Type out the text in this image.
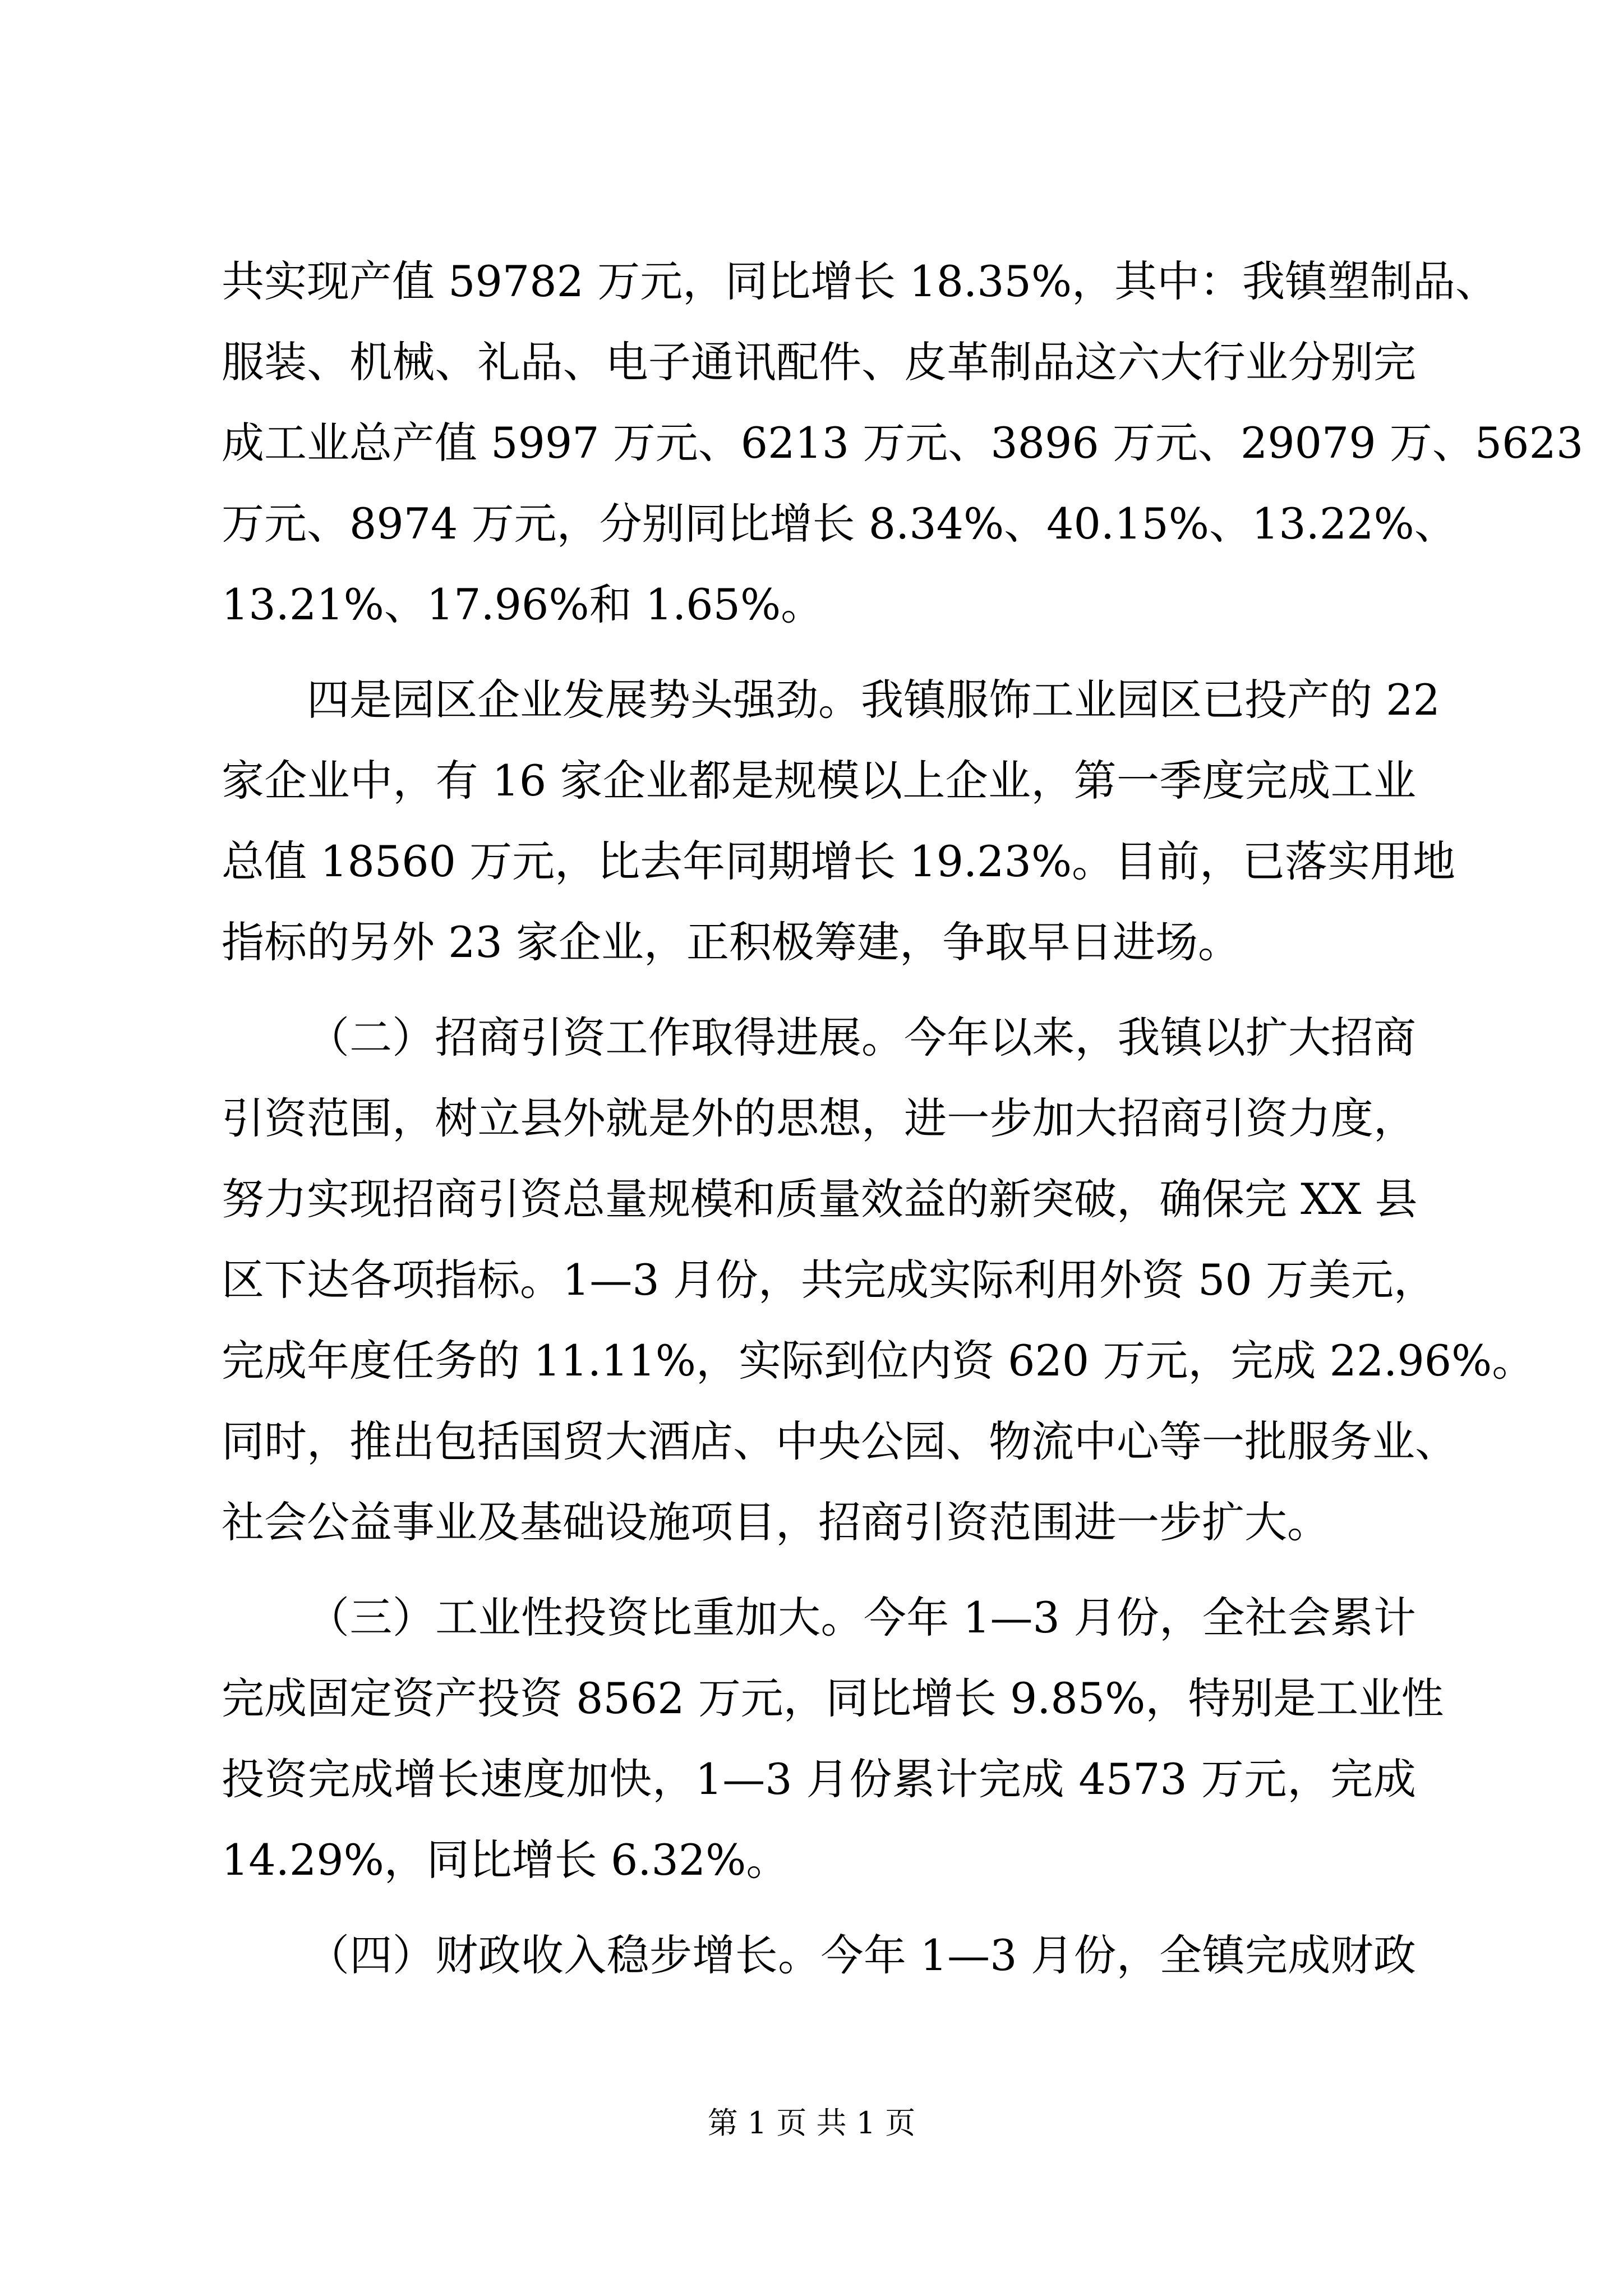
共实现产值 59782 万元，同比增长 18.35%，其中：我镇塑制品、
服装、机械、礼品、电子通讯配件、皮革制品这六大行业分别完
成工业总产值 5997 万元、6213 万元、3896 万元、29079 万、5623
万元、8974 万元，分别同比增长 8.34%、40.15%、13.22%、
13.21%、17.96%和 1.65%。
四是园区企业发展势头强劲。我镇服饰工业园区已投产的 22
家企业中，有 16 家企业都是规模以上企业，第一季度完成工业
总值 18560 万元，比去年同期增长 19.23%。目前，已落实用地
指标的另外 23 家企业，正积极筹建，争取早日进场。
（二）招商引资工作取得进展。今年以来，我镇以扩大招商
引资范围，树立县外就是外的思想，进一步加大招商引资力度，
努力实现招商引资总量规模和质量效益的新突破，确保完 XX 县
区下达各项指标。1—3 月份，共完成实际利用外资 50 万美元，
完成年度任务的 11.11%，实际到位内资 620 万元，完成 22.96%。
同时，推出包括国贸大酒店、中央公园、物流中心等一批服务业、
社会公益事业及基础设施项目，招商引资范围进一步扩大。
（三）工业性投资比重加大。今年 1—3 月份，全社会累计
完成固定资产投资 8562 万元，同比增长 9.85%，特别是工业性
投资完成增长速度加快，1—3 月份累计完成 4573 万元，完成
14.29%，同比增长 6.32%。
（四）财政收入稳步增长。今年 1—3 月份，全镇完成财政
第 1 页 共 1 页
